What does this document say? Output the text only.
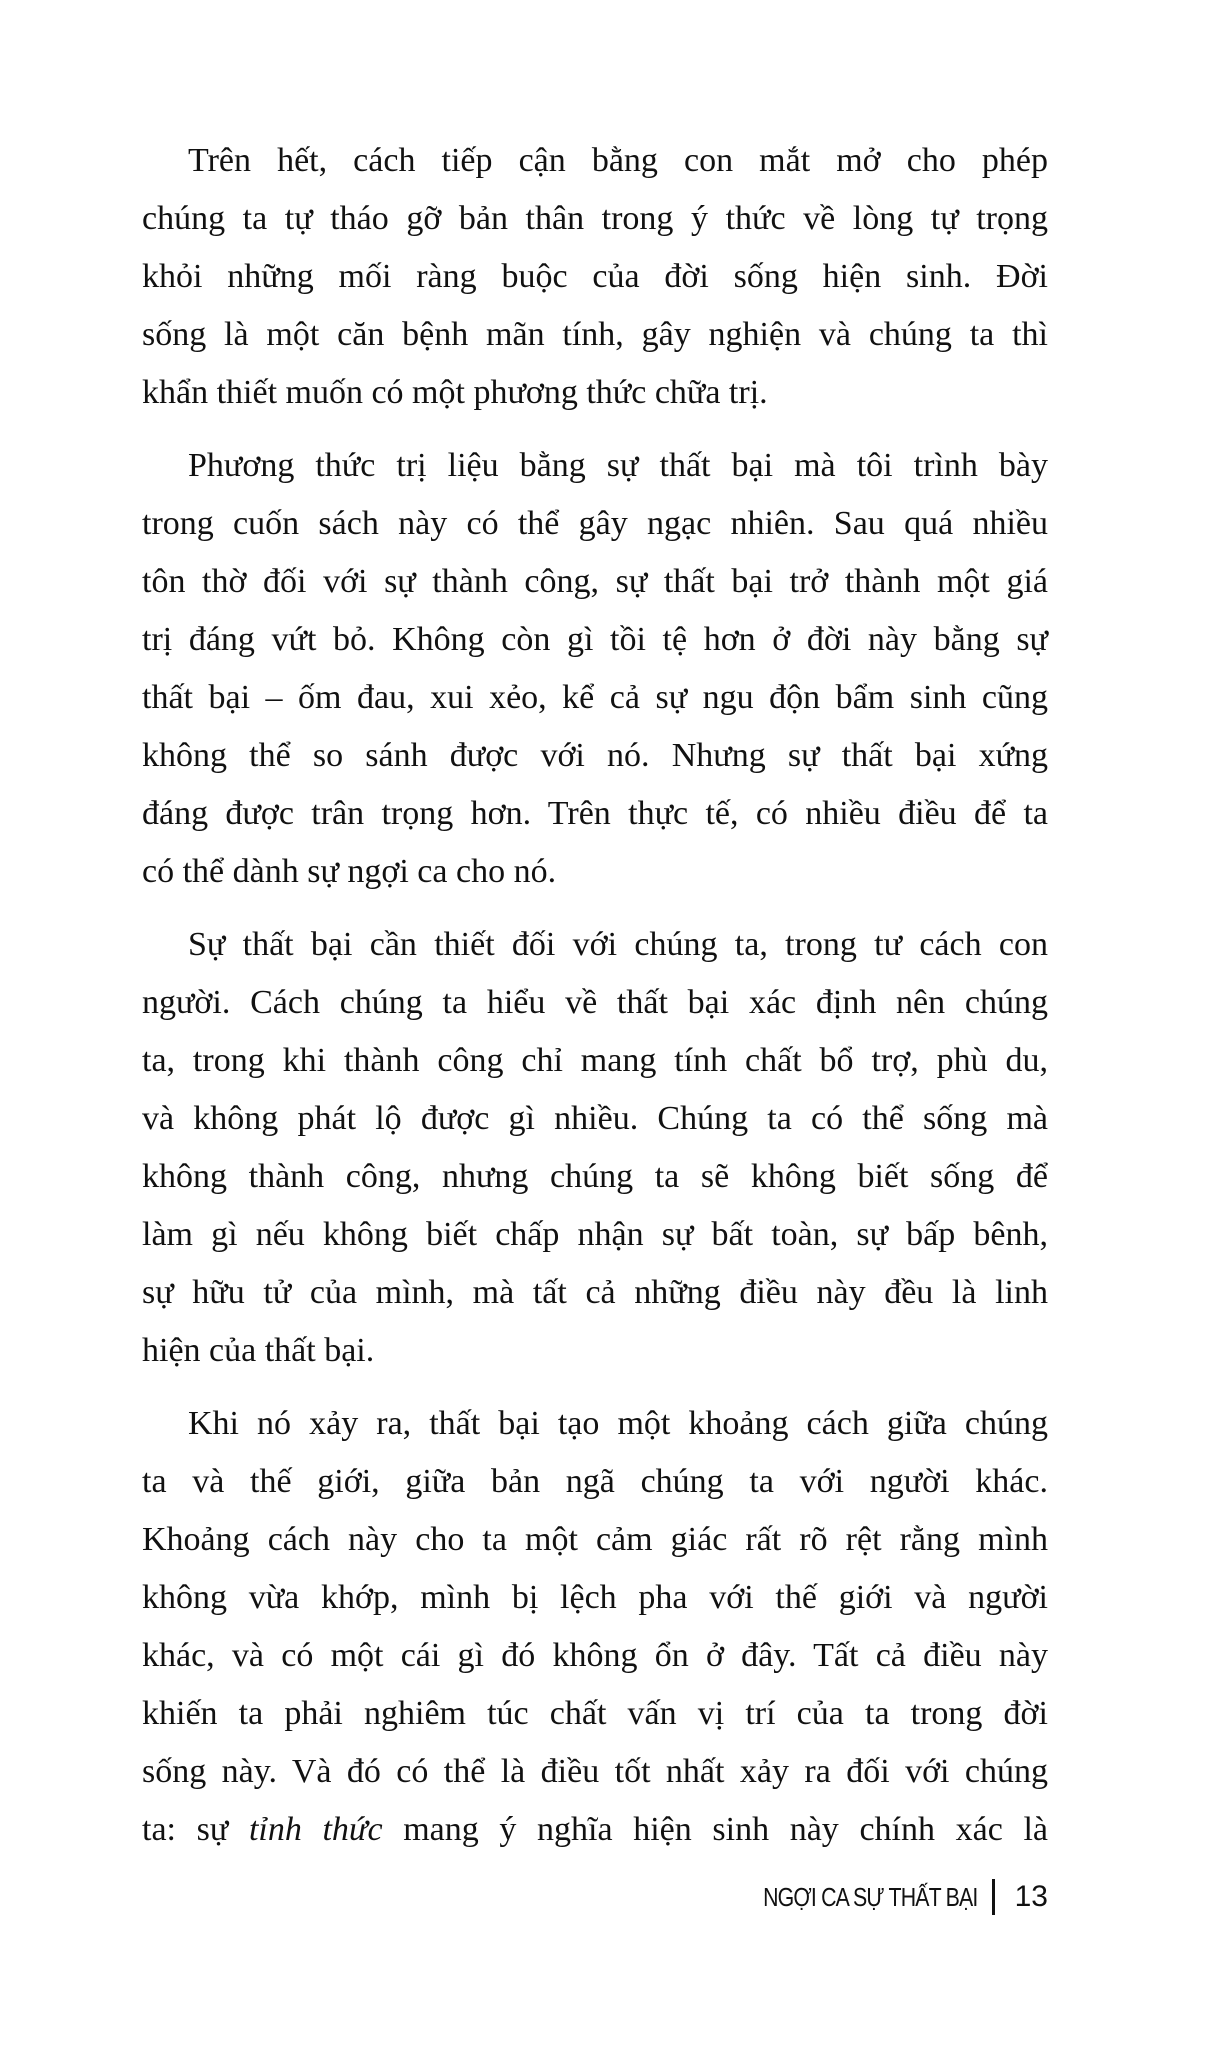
Trên hết, cách tiếp cận bằng con mắt mở cho phép
chúng ta tự tháo gỡ bản thân trong ý thức về lòng tự trọng
khỏi những mối ràng buộc của đời sống hiện sinh. Đời
sống là một căn bệnh mãn tính, gây nghiện và chúng ta thì
khẩn thiết muốn có một phương thức chữa trị.
Phương thức trị liệu bằng sự thất bại mà tôi trình bày
trong cuốn sách này có thể gây ngạc nhiên. Sau quá nhiều
tôn thờ đối với sự thành công, sự thất bại trở thành một giá
trị đáng vứt bỏ. Không còn gì tồi tệ hơn ở đời này bằng sự
thất bại – ốm đau, xui xẻo, kể cả sự ngu độn bẩm sinh cũng
không thể so sánh được với nó. Nhưng sự thất bại xứng
đáng được trân trọng hơn. Trên thực tế, có nhiều điều để ta
có thể dành sự ngợi ca cho nó.
Sự thất bại cần thiết đối với chúng ta, trong tư cách con
người. Cách chúng ta hiểu về thất bại xác định nên chúng
ta, trong khi thành công chỉ mang tính chất bổ trợ, phù du,
và không phát lộ được gì nhiều. Chúng ta có thể sống mà
không thành công, nhưng chúng ta sẽ không biết sống để
làm gì nếu không biết chấp nhận sự bất toàn, sự bấp bênh,
sự hữu tử của mình, mà tất cả những điều này đều là linh
hiện của thất bại.
Khi nó xảy ra, thất bại tạo một khoảng cách giữa chúng
ta và thế giới, giữa bản ngã chúng ta với người khác.
Khoảng cách này cho ta một cảm giác rất rõ rệt rằng mình
không vừa khớp, mình bị lệch pha với thế giới và người
khác, và có một cái gì đó không ổn ở đây. Tất cả điều này
khiến ta phải nghiêm túc chất vấn vị trí của ta trong đời
sống này. Và đó có thể là điều tốt nhất xảy ra đối với chúng
ta: sự tỉnh thức mang ý nghĩa hiện sinh này chính xác là
NGỢI CA SỰ THẤT BẠI 13
